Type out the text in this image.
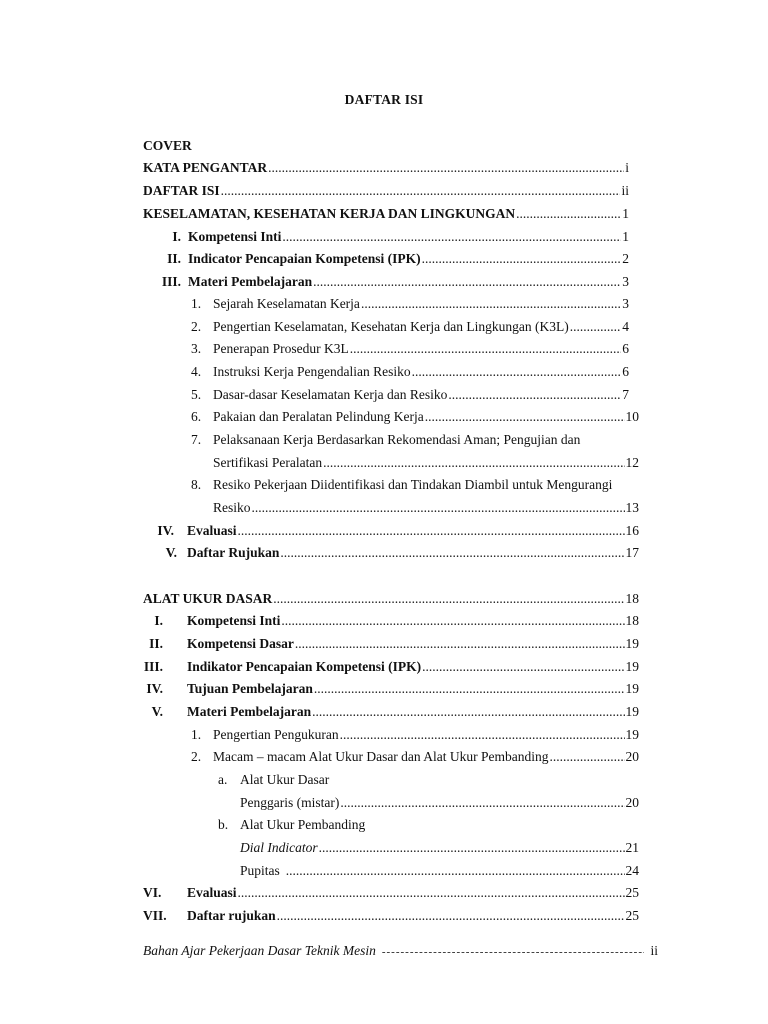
DAFTAR ISI
COVER
KATA PENGANTAR .....	i
DAFTAR ISI .....	ii
KESELAMATAN, KESEHATAN KERJA DAN LINGKUNGAN .....	1
I. Kompetensi Inti .....	1
II. Indicator Pencapaian Kompetensi (IPK) .....	2
III. Materi Pembelajaran .....	3
1. Sejarah Keselamatan Kerja .....	3
2. Pengertian Keselamatan, Kesehatan Kerja dan Lingkungan (K3L) .....	4
3. Penerapan Prosedur K3L .....	6
4. Instruksi Kerja Pengendalian Resiko .....	6
5. Dasar-dasar Keselamatan Kerja dan Resiko .....	7
6. Pakaian dan Peralatan Pelindung Kerja .....	10
7. Pelaksanaan Kerja Berdasarkan Rekomendasi Aman; Pengujian dan
Sertifikasi Peralatan .....	12
8. Resiko Pekerjaan Diidentifikasi dan Tindakan Diambil untuk Mengurangi
Resiko .....	13
IV. Evaluasi .....	16
V. Daftar Rujukan .....	17
ALAT UKUR DASAR .....	18
I. Kompetensi Inti .....	18
II. Kompetensi Dasar .....	19
III. Indikator Pencapaian Kompetensi (IPK) .....	19
IV. Tujuan Pembelajaran .....	19
V. Materi Pembelajaran .....	19
1. Pengertian Pengukuran .....	19
2. Macam – macam Alat Ukur Dasar dan Alat Ukur Pembanding .....	20
a. Alat Ukur Dasar
Penggaris (mistar) .....	20
b. Alat Ukur Pembanding
Dial Indicator .....	21
Pupitas .....	24
VI. Evaluasi .....	25
VII. Daftar rujukan .....	25
Bahan Ajar Pekerjaan Dasar Teknik Mesin -----	ii
